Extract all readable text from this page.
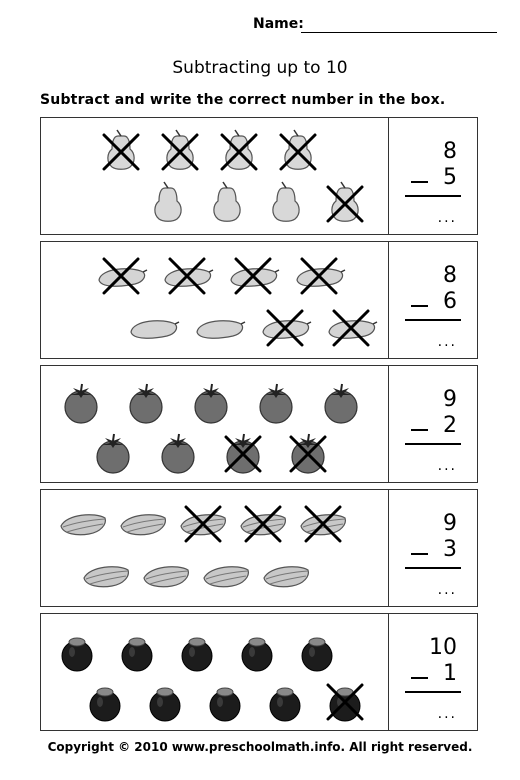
Name:
Subtracting up to 10
Subtract and write the correct number in the box.
8
5
...
8
6
...
9
2
...
9
3
...
10
1
...
Copyright © 2010 www.preschoolmath.info. All right reserved.
